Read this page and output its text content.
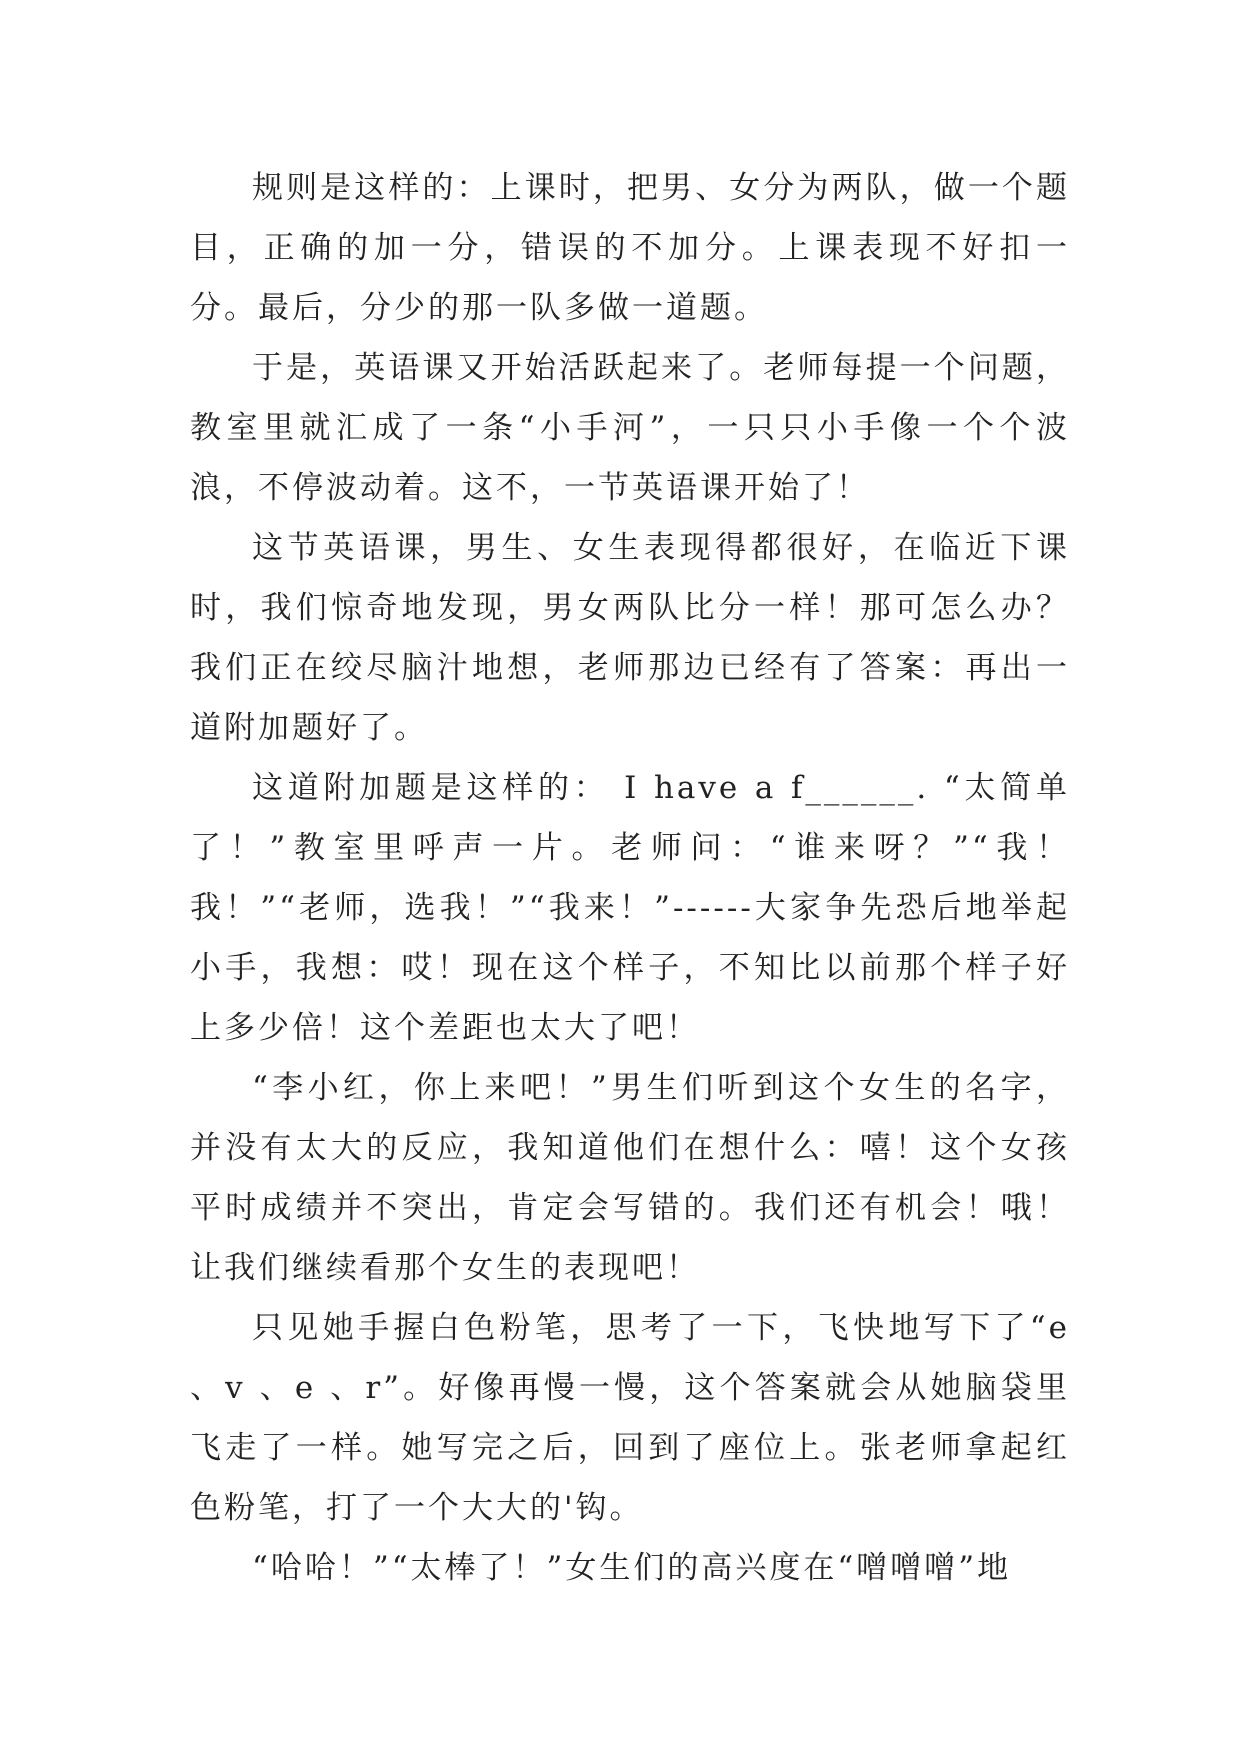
规则是这样的：上课时，把男、女分为两队，做一个题目，正确的加一分，错误的不加分。上课表现不好扣一分。最后，分少的那一队多做一道题。

于是，英语课又开始活跃起来了。老师每提一个问题，教室里就汇成了一条“小手河”，一只只小手像一个个波浪，不停波动着。这不，一节英语课开始了！

这节英语课，男生、女生表现得都很好，在临近下课时，我们惊奇地发现，男女两队比分一样！那可怎么办？我们正在绞尽脑汁地想，老师那边已经有了答案：再出一道附加题好了。

这道附加题是这样的： I have a f______. “太简单了！”教室里呼声一片。老师问：“谁来呀？”“我！我！”“老师，选我！”“我来！”------大家争先恐后地举起小手，我想：哎！现在这个样子，不知比以前那个样子好上多少倍！这个差距也太大了吧！

“李小红，你上来吧！”男生们听到这个女生的名字，并没有太大的反应，我知道他们在想什么：嘻！这个女孩平时成绩并不突出，肯定会写错的。我们还有机会！哦！让我们继续看那个女生的表现吧！

只见她手握白色粉笔，思考了一下，飞快地写下了“e 、v 、e 、r”。好像再慢一慢，这个答案就会从她脑袋里飞走了一样。她写完之后，回到了座位上。张老师拿起红色粉笔，打了一个大大的'钩。

“哈哈！”“太棒了！”女生们的高兴度在“噌噌噌”地
